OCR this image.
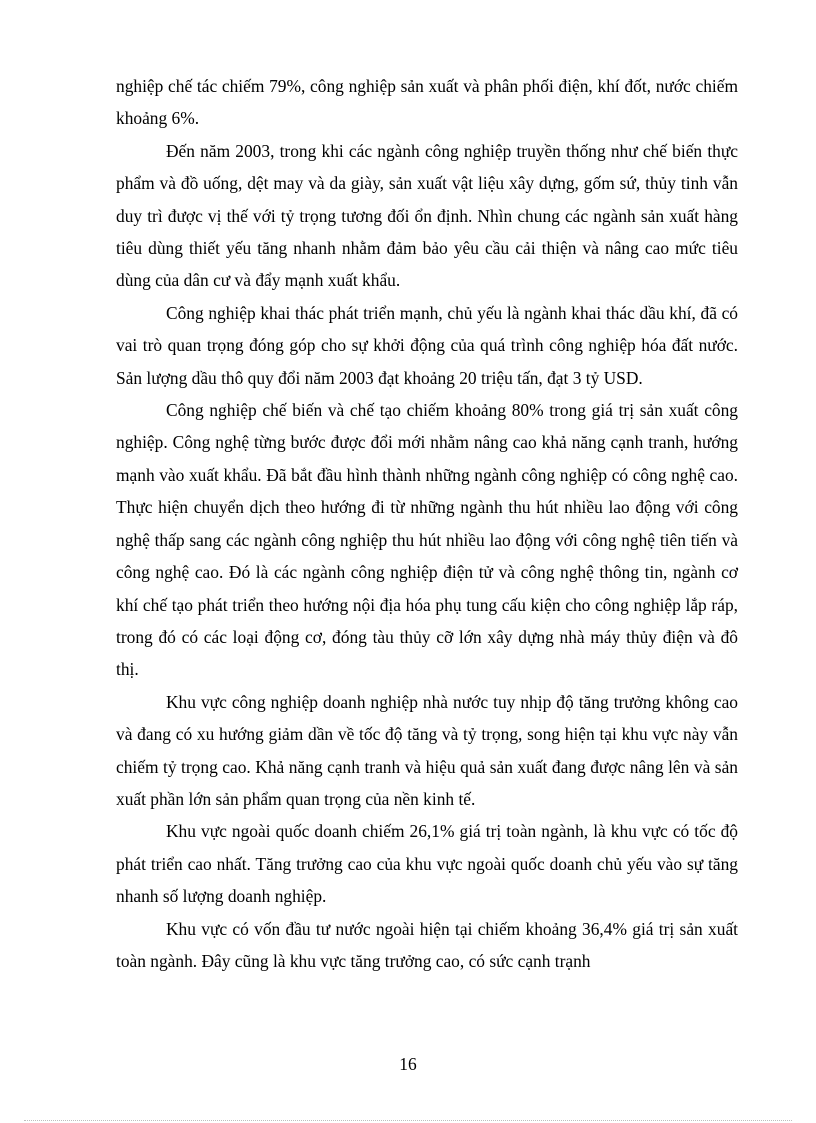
nghiệp chế tác chiếm 79%, công nghiệp sản xuất và phân phối điện, khí đốt, nước chiếm khoảng 6%.

Đến năm 2003, trong khi các ngành công nghiệp truyền thống như chế biến thực phẩm và đồ uống, dệt may và da giày, sản xuất vật liệu xây dựng, gốm sứ, thủy tinh vẫn duy trì được vị thế với tỷ trọng tương đối ổn định. Nhìn chung các ngành sản xuất hàng tiêu dùng thiết yếu tăng nhanh nhằm đảm bảo yêu cầu cải thiện và nâng cao mức tiêu dùng của dân cư và đẩy mạnh xuất khẩu.

Công nghiệp khai thác phát triển mạnh, chủ yếu là ngành khai thác dầu khí, đã có vai trò quan trọng đóng góp cho sự khởi động của quá trình công nghiệp hóa đất nước. Sản lượng dầu thô quy đổi năm 2003 đạt khoảng 20 triệu tấn, đạt 3 tỷ USD.

Công nghiệp chế biến và chế tạo chiếm khoảng 80% trong giá trị sản xuất công nghiệp. Công nghệ từng bước được đổi mới nhằm nâng cao khả năng cạnh tranh, hướng mạnh vào xuất khẩu. Đã bắt đầu hình thành những ngành công nghiệp có công nghệ cao. Thực hiện chuyển dịch theo hướng đi từ những ngành thu hút nhiều lao động với công nghệ thấp sang các ngành công nghiệp thu hút nhiều lao động với công nghệ tiên tiến và công nghệ cao. Đó là các ngành công nghiệp điện tử và công nghệ thông tin, ngành cơ khí chế tạo phát triển theo hướng nội địa hóa phụ tung cấu kiện cho công nghiệp lắp ráp, trong đó có các loại động cơ, đóng tàu thủy cỡ lớn xây dựng nhà máy thủy điện và đô thị.

Khu vực công nghiệp doanh nghiệp nhà nước tuy nhịp độ tăng trưởng không cao và đang có xu hướng giảm dần về tốc độ tăng và tỷ trọng, song hiện tại khu vực này vẫn chiếm tỷ trọng cao. Khả năng cạnh tranh và hiệu quả sản xuất đang được nâng lên và sản xuất phần lớn sản phẩm quan trọng của nền kinh tế.

Khu vực ngoài quốc doanh chiếm 26,1% giá trị toàn ngành, là khu vực có tốc độ phát triển cao nhất. Tăng trưởng cao của khu vực ngoài quốc doanh chủ yếu vào sự tăng nhanh số lượng doanh nghiệp.

Khu vực có vốn đầu tư nước ngoài hiện tại chiếm khoảng 36,4% giá trị sản xuất toàn ngành. Đây cũng là khu vực tăng trưởng cao, có sức cạnh trạnh

16
